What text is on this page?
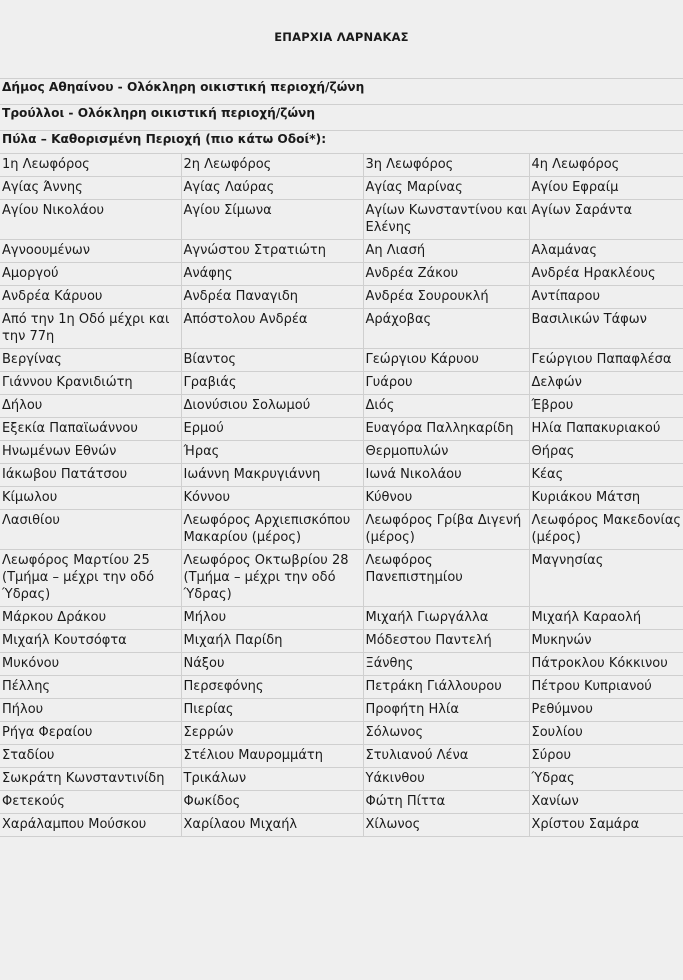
ΕΠΑΡΧΙΑ ΛΑΡΝΑΚΑΣ
Δήμος Αθηαίνου - Ολόκληρη οικιστική περιοχή/ζώνη
Τρούλλοι - Ολόκληρη οικιστική περιοχή/ζώνη
Πύλα – Καθορισμένη Περιοχή (πιο κάτω Οδοί*):
1η Λεωφόρος	2η Λεωφόρος	3η Λεωφόρος	4η Λεωφόρος
Αγίας Άννης	Αγίας Λαύρας	Αγίας Μαρίνας	Αγίου Εφραίμ
Αγίου Νικολάου	Αγίου Σίμωνα	Αγίων Κωνσταντίνου και Ελένης	Αγίων Σαράντα
Αγνοουμένων	Αγνώστου Στρατιώτη	Αη Λιασή	Αλαμάνας
Αμοργού	Ανάφης	Ανδρέα Ζάκου	Ανδρέα Ηρακλέους
Ανδρέα Κάρυου	Ανδρέα Παναγιδη	Ανδρέα Σουρουκλή	Αντίπαρου
Από την 1η Οδό μέχρι και την 77η	Απόστολου Ανδρέα	Αράχοβας	Βασιλικών Τάφων
Βεργίνας	Βίαντος	Γεώργιου Κάρυου	Γεώργιου Παπαφλέσα
Γιάννου Κρανιδιώτη	Γραβιάς	Γυάρου	Δελφών
Δήλου	Διονύσιου Σολωμού	Διός	Έβρου
Εξεκία Παπαϊωάννου	Ερμού	Ευαγόρα Παλληκαρίδη	Ηλία Παπακυριακού
Ηνωμένων Εθνών	Ήρας	Θερμοπυλών	Θήρας
Ιάκωβου Πατάτσου	Ιωάννη Μακρυγιάννη	Ιωνά Νικολάου	Κέας
Κίμωλου	Κόννου	Κύθνου	Κυριάκου Μάτση
Λασιθίου	Λεωφόρος Αρχιεπισκόπου Μακαρίου (μέρος)	Λεωφόρος Γρίβα Διγενή (μέρος)	Λεωφόρος Μακεδονίας (μέρος)
Λεωφόρος Μαρτίου 25 (Τμήμα – μέχρι την οδό Ύδρας)	Λεωφόρος Οκτωβρίου 28 (Τμήμα – μέχρι την οδό Ύδρας)	Λεωφόρος Πανεπιστημίου	Μαγνησίας
Μάρκου Δράκου	Μήλου	Μιχαήλ Γιωργάλλα	Μιχαήλ Καραολή
Μιχαήλ Κουτσόφτα	Μιχαήλ Παρίδη	Μόδεστου Παντελή	Μυκηνών
Μυκόνου	Νάξου	Ξάνθης	Πάτροκλου Κόκκινου
Πέλλης	Περσεφόνης	Πετράκη Γιάλλουρου	Πέτρου Κυπριανού
Πήλου	Πιερίας	Προφήτη Ηλία	Ρεθύμνου
Ρήγα Φεραίου	Σερρών	Σόλωνος	Σουλίου
Σταδίου	Στέλιου Μαυρομμάτη	Στυλιανού Λένα	Σύρου
Σωκράτη Κωνσταντινίδη	Τρικάλων	Υάκινθου	Ύδρας
Φετεκούς	Φωκίδος	Φώτη Πίττα	Χανίων
Χαράλαμπου Μούσκου	Χαρίλαου Μιχαήλ	Χίλωνος	Χρίστου Σαμάρα
